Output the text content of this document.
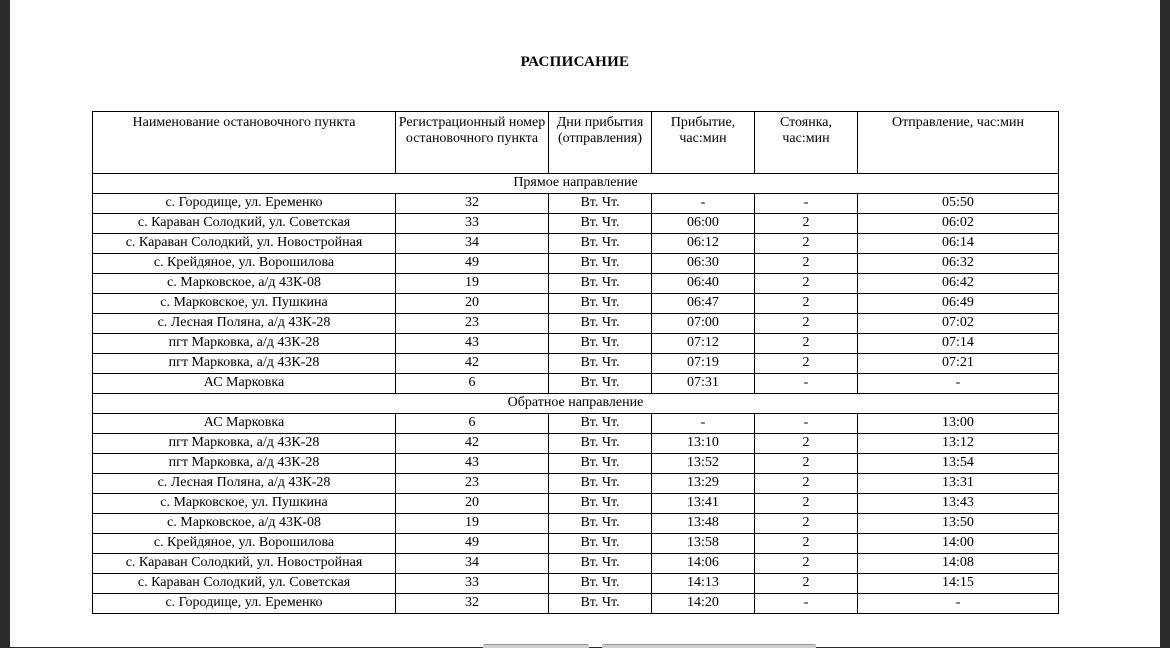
РАСПИСАНИЕ
Наименование остановочного пункта	Регистрационный номер остановочного пункта	Дни прибытия (отправления)	Прибытие, час:мин	Стоянка, час:мин	Отправление, час:мин
Прямое направление					
с. Городище, ул. Еременко	32	Вт. Чт.	-	-	05:50
с. Караван Солодкий, ул. Советская	33	Вт. Чт.	06:00	2	06:02
с. Караван Солодкий, ул. Новостройная	34	Вт. Чт.	06:12	2	06:14
с. Крейдяное, ул. Ворошилова	49	Вт. Чт.	06:30	2	06:32
с. Марковское, а/д 43К-08	19	Вт. Чт.	06:40	2	06:42
с. Марковское, ул. Пушкина	20	Вт. Чт.	06:47	2	06:49
с. Лесная Поляна, а/д 43К-28	23	Вт. Чт.	07:00	2	07:02
пгт Марковка, а/д 43К-28	43	Вт. Чт.	07:12	2	07:14
пгт Марковка, а/д 43К-28	42	Вт. Чт.	07:19	2	07:21
АС Марковка	6	Вт. Чт.	07:31	-	-
Обратное направление					
АС Марковка	6	Вт. Чт.	-	-	13:00
пгт Марковка, а/д 43К-28	42	Вт. Чт.	13:10	2	13:12
пгт Марковка, а/д 43К-28	43	Вт. Чт.	13:52	2	13:54
с. Лесная Поляна, а/д 43К-28	23	Вт. Чт.	13:29	2	13:31
с. Марковское, ул. Пушкина	20	Вт. Чт.	13:41	2	13:43
с. Марковское, а/д 43К-08	19	Вт. Чт.	13:48	2	13:50
с. Крейдяное, ул. Ворошилова	49	Вт. Чт.	13:58	2	14:00
с. Караван Солодкий, ул. Новостройная	34	Вт. Чт.	14:06	2	14:08
с. Караван Солодкий, ул. Советская	33	Вт. Чт.	14:13	2	14:15
с. Городище, ул. Еременко	32	Вт. Чт.	14:20	-	-
